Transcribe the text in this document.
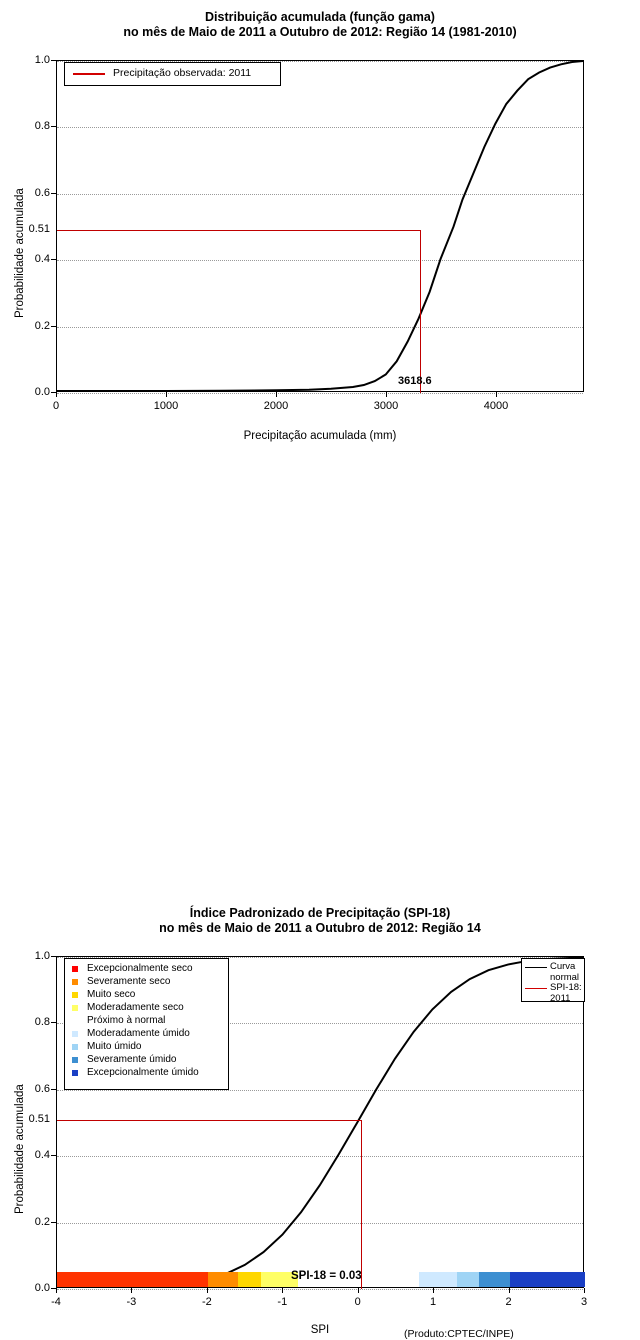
Distribuição acumulada (função gama)
no mês de Maio de 2011 a Outubro de 2012: Região 14 (1981-2010)
0.0
0.2
0.4
0.6
0.8
1.0
0.51
0	1000	2000	3000	4000
3618.6
Precipitação acumulada (mm)
Probabilidade acumulada
Precipitação observada: 2011
Índice Padronizado de Precipitação (SPI-18)
no mês de Maio de 2011 a Outubro de 2012: Região 14
SPI-18 = 0.03
0.0
0.2
0.4
0.6
0.8
1.0
0.51
-4	-3	-2	-1	0	1	2	3
SPI
Probabilidade acumulada
(Produto:CPTEC/INPE)
Excepcionalmente seco
Severamente seco
Muito seco
Moderadamente seco
Próximo à normal
Moderadamente úmido
Muito úmido
Severamente úmido
Excepcionalmente úmido
Curva normal
SPI-18: 2011
